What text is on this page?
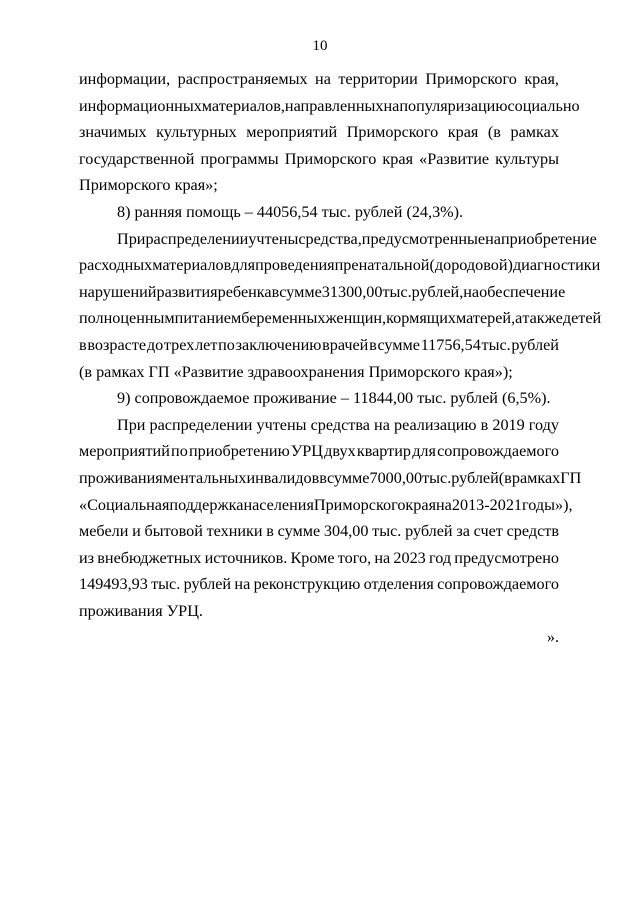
10
информации, распространяемых на территории Приморского края,
информационных материалов, направленных на популяризацию социально
значимых культурных мероприятий Приморского края (в рамках
государственной программы Приморского края «Развитие культуры
Приморского края»;
8) ранняя помощь – 44056,54 тыс. рублей (24,3%).
При распределении учтены средства, предусмотренные на приобретение
расходных материалов для проведения пренатальной (дородовой) диагностики
нарушений развития ребенка в сумме 31300,00 тыс. рублей, на обеспечение
полноценным питанием беременных женщин, кормящих матерей, а также детей
в возрасте до трех лет по заключению врачей в сумме 11756,54 тыс. рублей
(в рамках ГП «Развитие здравоохранения Приморского края»);
9) сопровождаемое проживание – 11844,00 тыс. рублей (6,5%).
При распределении учтены средства на реализацию в 2019 году
мероприятий по приобретению УРЦ двух квартир для сопровождаемого
проживания ментальных инвалидов в сумме 7000,00 тыс. рублей (в рамках ГП
«Социальная поддержка населения Приморского края на 2013 - 2021 годы»),
мебели и бытовой техники в сумме 304,00 тыс. рублей за счет средств
из внебюджетных источников. Кроме того, на 2023 год предусмотрено
149493,93 тыс. рублей на реконструкцию отделения сопровождаемого
проживания УРЦ.
».
